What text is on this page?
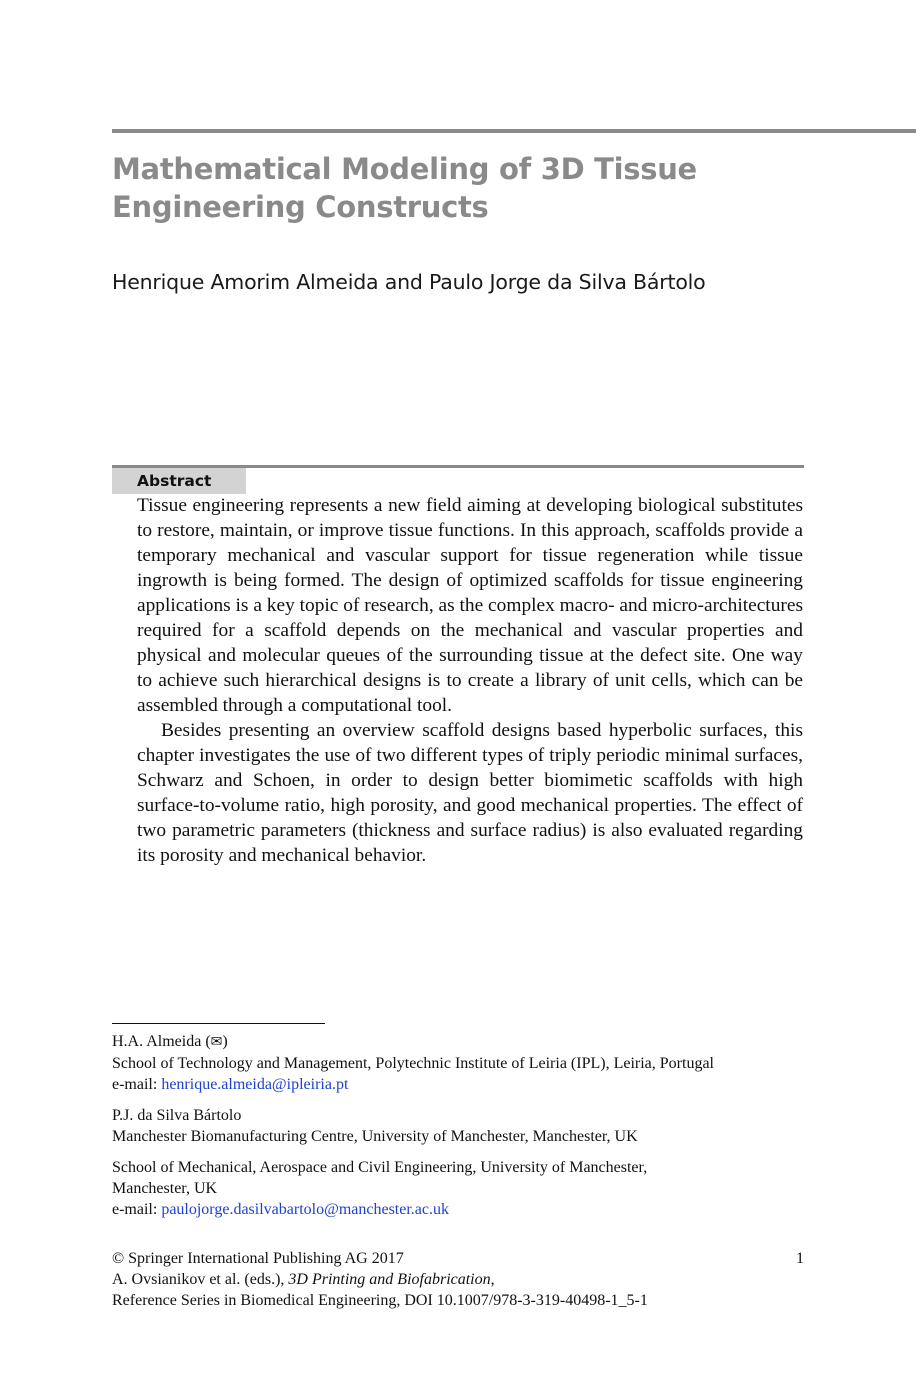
Mathematical Modeling of 3D Tissue Engineering Constructs

Henrique Amorim Almeida and Paulo Jorge da Silva Bártolo

Abstract

Tissue engineering represents a new field aiming at developing biological substitutes to restore, maintain, or improve tissue functions. In this approach, scaffolds provide a temporary mechanical and vascular support for tissue regeneration while tissue ingrowth is being formed. The design of optimized scaffolds for tissue engineering applications is a key topic of research, as the complex macro- and micro-architectures required for a scaffold depends on the mechanical and vascular properties and physical and molecular queues of the surrounding tissue at the defect site. One way to achieve such hierarchical designs is to create a library of unit cells, which can be assembled through a computational tool.

Besides presenting an overview scaffold designs based hyperbolic surfaces, this chapter investigates the use of two different types of triply periodic minimal surfaces, Schwarz and Schoen, in order to design better biomimetic scaffolds with high surface-to-volume ratio, high porosity, and good mechanical properties. The effect of two parametric parameters (thickness and surface radius) is also evaluated regarding its porosity and mechanical behavior.

H.A. Almeida (✉)
School of Technology and Management, Polytechnic Institute of Leiria (IPL), Leiria, Portugal
e-mail: henrique.almeida@ipleiria.pt
P.J. da Silva Bártolo
Manchester Biomanufacturing Centre, University of Manchester, Manchester, UK
School of Mechanical, Aerospace and Civil Engineering, University of Manchester,
Manchester, UK
e-mail: paulojorge.dasilvabartolo@manchester.ac.uk
© Springer International Publishing AG 2017	1
A. Ovsianikov et al. (eds.), 3D Printing and Biofabrication,
Reference Series in Biomedical Engineering, DOI 10.1007/978-3-319-40498-1_5-1
